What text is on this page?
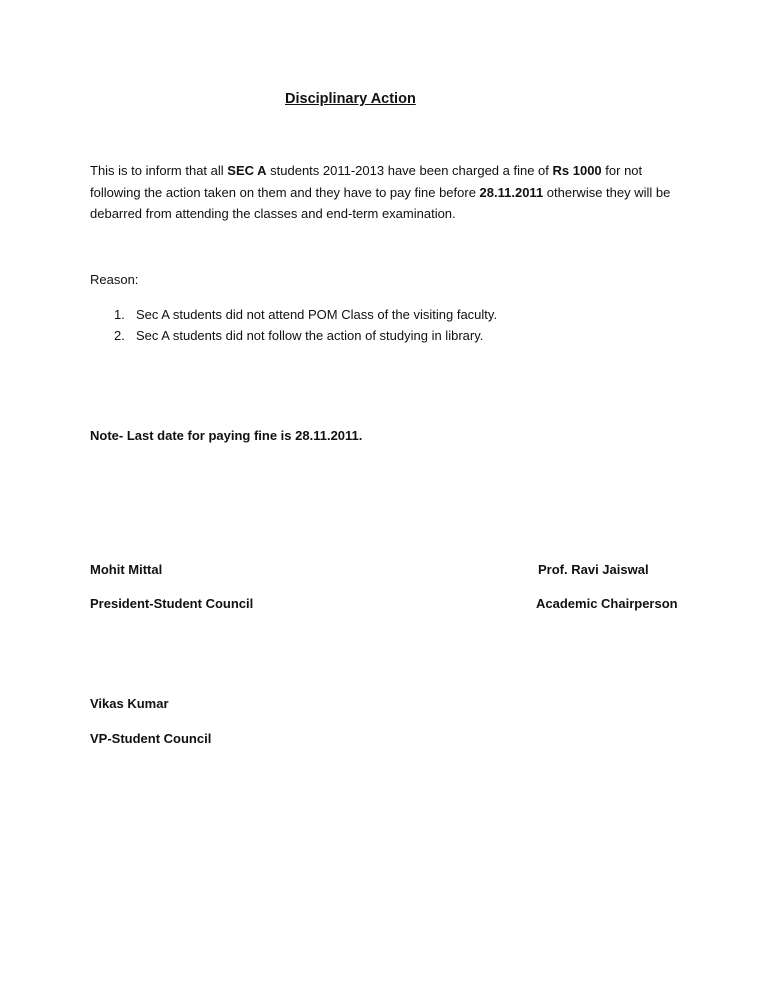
Disciplinary Action
This is to inform that all SEC A students 2011-2013 have been charged a fine of Rs 1000 for not following the action taken on them and they have to pay fine before 28.11.2011 otherwise they will be debarred from attending the classes and end-term examination.
Reason:
1. Sec A students did not attend POM Class of the visiting faculty.
2. Sec A students did not follow the action of studying in library.
Note- Last date for paying fine is 28.11.2011.
Mohit Mittal
President-Student Council
Prof. Ravi Jaiswal
Academic Chairperson
Vikas Kumar
VP-Student Council
